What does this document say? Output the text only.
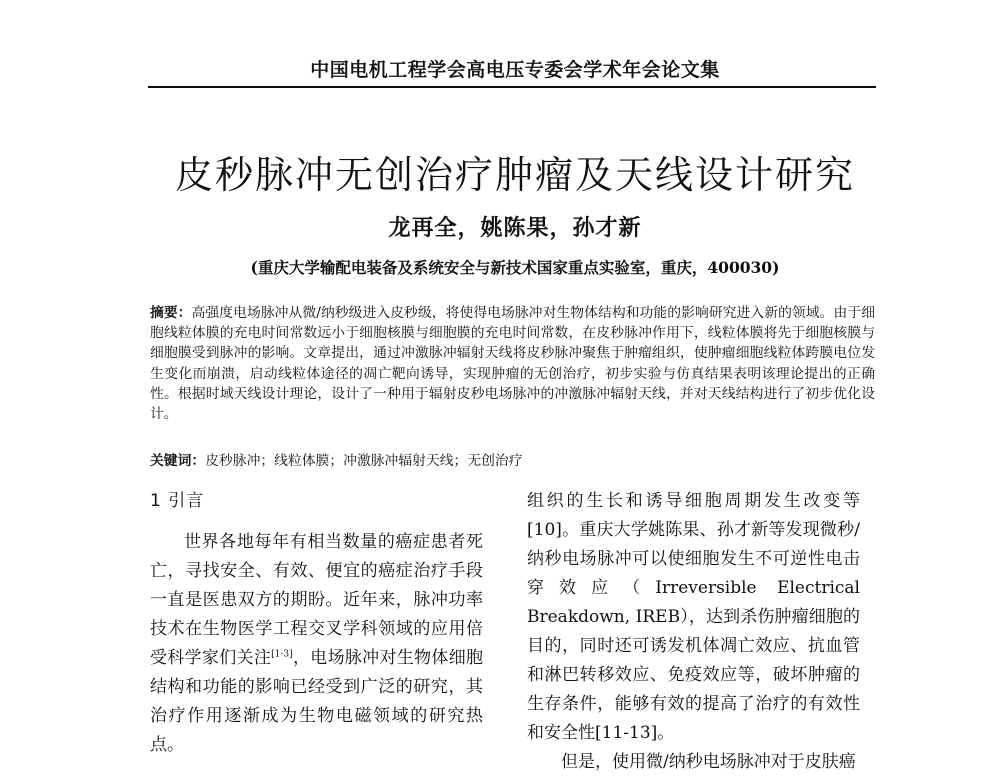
中国电机工程学会高电压专委会学术年会论文集
皮秒脉冲无创治疗肿瘤及天线设计研究
龙再全，姚陈果，孙才新
(重庆大学输配电装备及系统安全与新技术国家重点实验室，重庆，400030)
摘要：高强度电场脉冲从微/纳秒级进入皮秒级，将使得电场脉冲对生物体结构和功能的影响研究进入新的领域。由于细胞线粒体膜的充电时间常数远小于细胞核膜与细胞膜的充电时间常数，在皮秒脉冲作用下，线粒体膜将先于细胞核膜与细胞膜受到脉冲的影响。文章提出，通过冲激脉冲辐射天线将皮秒脉冲聚焦于肿瘤组织，使肿瘤细胞线粒体跨膜电位发生变化而崩溃，启动线粒体途径的凋亡靶向诱导，实现肿瘤的无创治疗，初步实验与仿真结果表明该理论提出的正确性。根据时域天线设计理论，设计了一种用于辐射皮秒电场脉冲的冲激脉冲辐射天线，并对天线结构进行了初步优化设计。
关键词：皮秒脉冲；线粒体膜；冲激脉冲辐射天线；无创治疗
1 引言
世界各地每年有相当数量的癌症患者死亡，寻找安全、有效、便宜的癌症治疗手段一直是医患双方的期盼。近年来，脉冲功率技术在生物医学工程交叉学科领域的应用倍受科学家们关注[1-3]，电场脉冲对生物体细胞结构和功能的影响已经受到广泛的研究，其治疗作用逐渐成为生物电磁领域的研究热点。
组织的生长和诱导细胞周期发生改变等[10]。重庆大学姚陈果、孙才新等发现微秒/纳秒电场脉冲可以使细胞发生不可逆性电击穿效应（Irreversible Electrical Breakdown, IREB），达到杀伤肿瘤细胞的目的，同时还可诱发机体凋亡效应、抗血管和淋巴转移效应、免疫效应等，破坏肿瘤的生存条件，能够有效的提高了治疗的有效性和安全性[11-13]。
但是，使用微/纳秒电场脉冲对于皮肤癌
